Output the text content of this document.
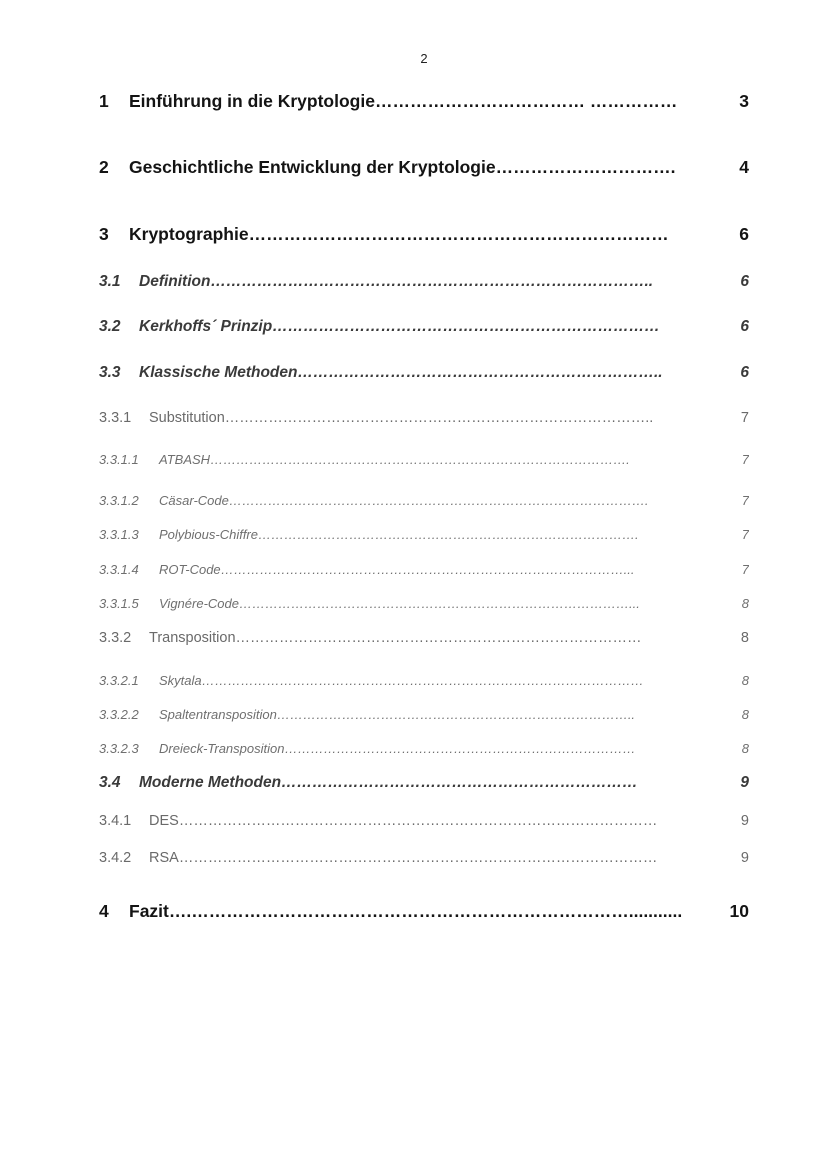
2
1	Einführung in die Kryptologie ……………………………… ……………	3
2	Geschichtliche Entwicklung der Kryptologie ………………………….	4
3	Kryptographie ………………………………………………………………	6
3.1	Definition …………………………………………………………………………..	6
3.2	Kerkhoffs´ Prinzip …………………………………………………………………	6
3.3	Klassische Methoden ……………………………………………………………..	6
3.3.1	Substitution ……………………………………………………………………………..	7
3.3.1.1	ATBASH …………………………………………………………………………………….	7
3.3.1.2	Cäsar-Code …………………………………………………………………………………….	7
3.3.1.3	Polybious-Chiffre …………………………………………………………………………….	7
3.3.1.4	ROT-Code …………………………………………………………………………………...	7
3.3.1.5	Vignére-Code ………………………………………………………………………………...	8
3.3.2	Transposition …………………………………………………………………………	8
3.3.2.1	Skytala …………………………………………………………………………………………	8
3.3.2.2	Spaltentransposition ………………………………………………………………………..	8
3.3.2.3	Dreieck-Transposition ………………………………………………………………………	8
3.4	Moderne Methoden ……………………………………………………………	9
3.4.1	DES ………………………………………………………………………………………	9
3.4.2	RSA ………………………………………………………………………………………	9
4	Fazit ….…………………………………………………………………...........	10
